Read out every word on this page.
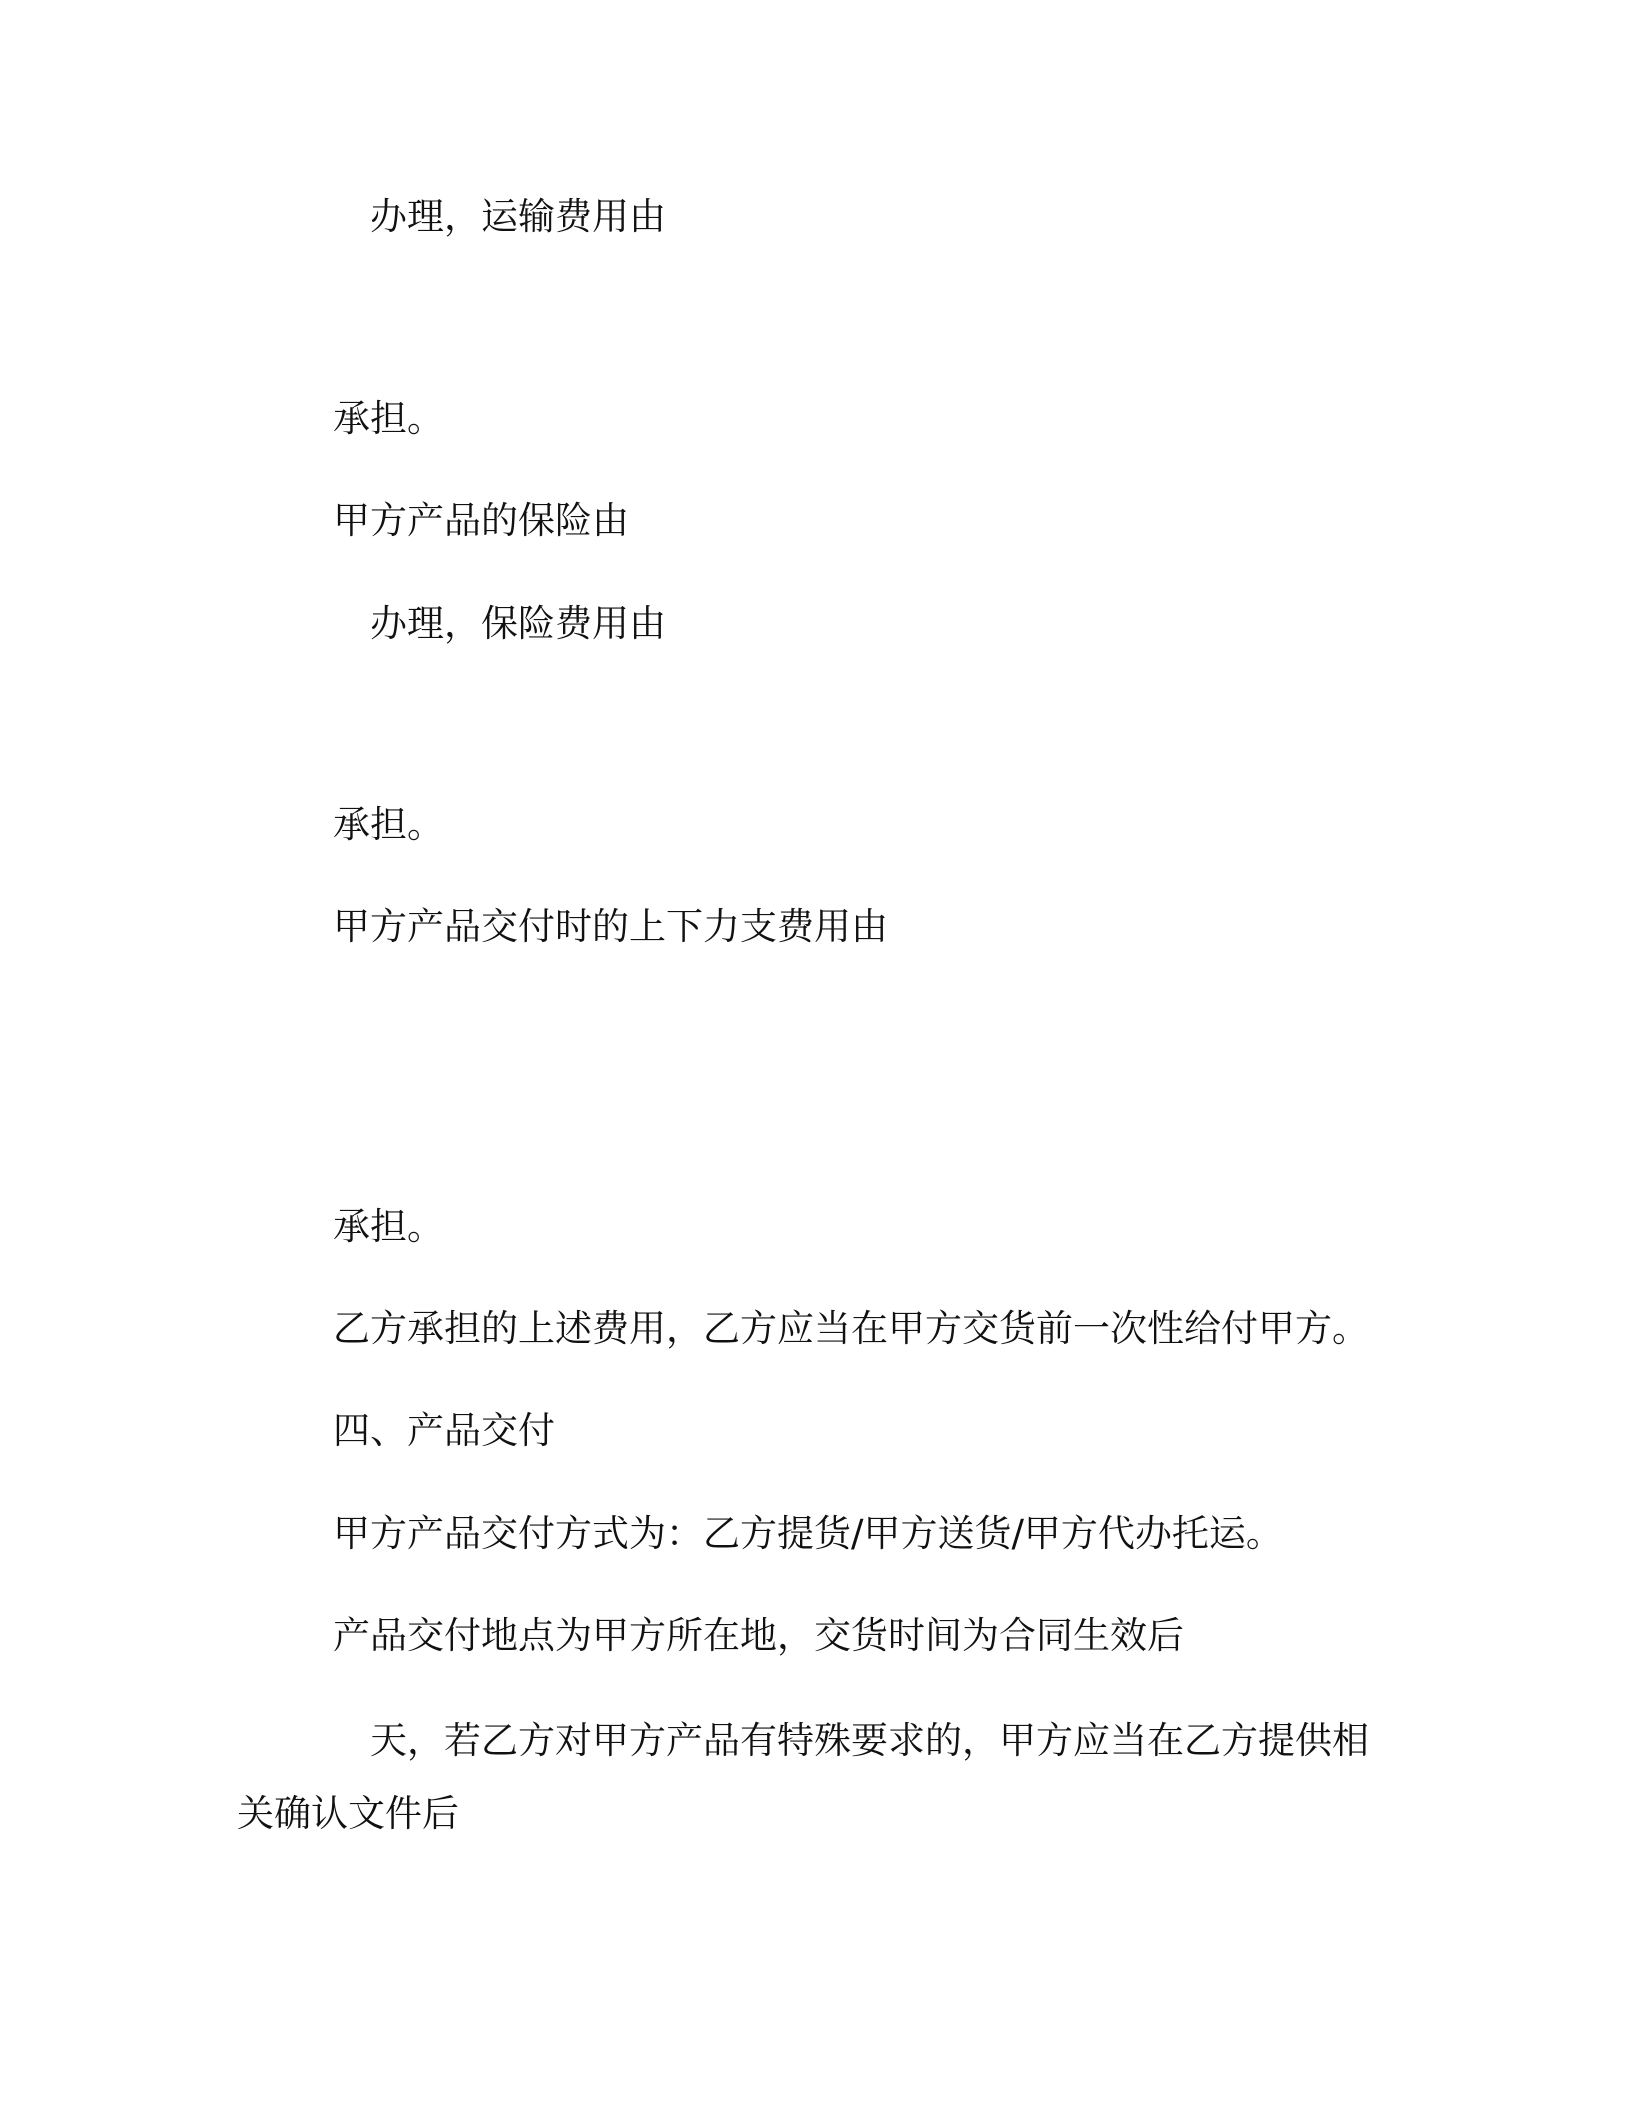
办理，运输费用由

承担。

甲方产品的保险由

办理，保险费用由

承担。

甲方产品交付时的上下力支费用由

承担。

乙方承担的上述费用，乙方应当在甲方交货前一次性给付甲方。

四、产品交付

甲方产品交付方式为：乙方提货/甲方送货/甲方代办托运。

产品交付地点为甲方所在地，交货时间为合同生效后

天，若乙方对甲方产品有特殊要求的，甲方应当在乙方提供相

关确认文件后
